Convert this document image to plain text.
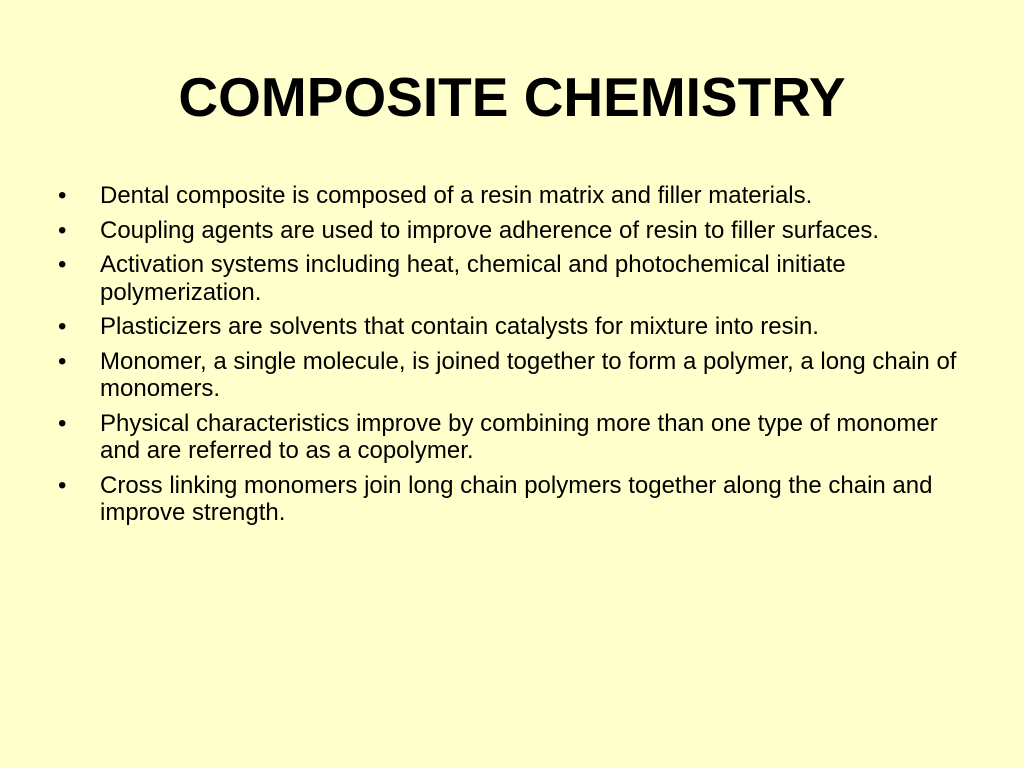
COMPOSITE CHEMISTRY
•	Dental composite is composed of a resin matrix and filler materials.
•	Coupling agents are used to improve adherence of resin to filler surfaces.
•	Activation systems including heat, chemical and photochemical initiate polymerization.
•	Plasticizers are solvents that contain catalysts for mixture into resin.
•	Monomer, a single molecule, is joined together to form a polymer, a long chain of monomers.
•	Physical characteristics improve by combining more than one type of monomer and are referred to as a copolymer.
•	Cross linking monomers join long chain polymers together along the chain and improve strength.
